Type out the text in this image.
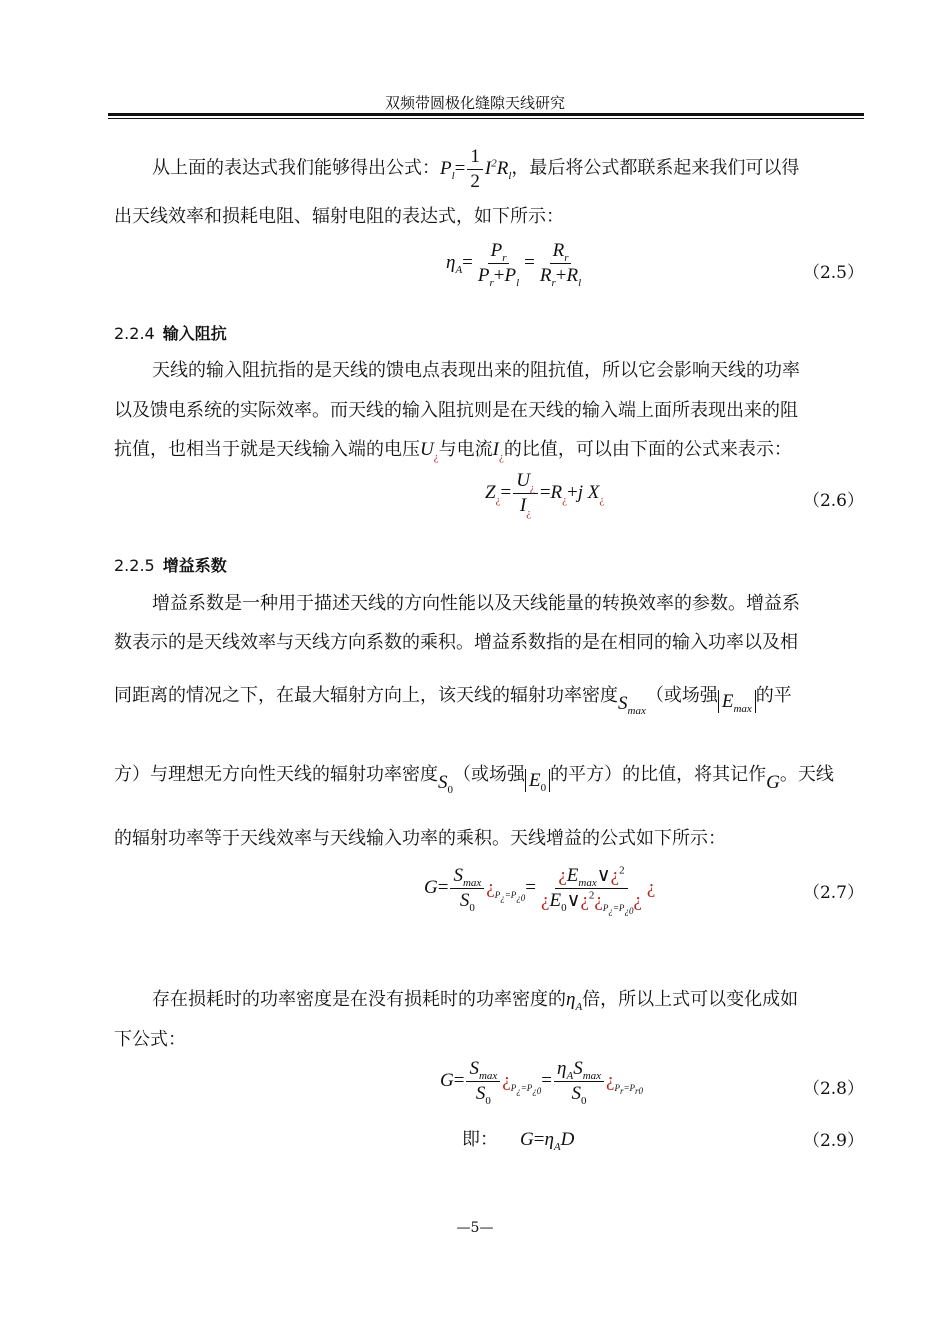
双频带圆极化缝隙天线研究
从上面的表达式我们能够得出公式：$P_l= \frac{1}{2} I^2R_l$，最后将公式都联系起来我们可以得
出天线效率和损耗电阻、辐射电阻的表达式，如下所示：
$\eta_A= \frac{P_r}{P_r+P_l} = \frac{R_r}{R_r+R_l}$	（2.5）
2.2.4 输入阻抗
天线的输入阻抗指的是天线的馈电点表现出来的阻抗值，所以它会影响天线的功率
以及馈电系统的实际效率。而天线的输入阻抗则是在天线的输入端上面所表现出来的阻
抗值，也相当于就是天线输入端的电压$U_¿$与电流$I_¿$的比值，可以由下面的公式来表示：
$Z_¿= \frac{U_¿}{I_¿} =R_¿+j$ $X_¿$	（2.6）
2.2.5 增益系数
增益系数是一种用于描述天线的方向性能以及天线能量的转换效率的参数。增益系
数表示的是天线效率与天线方向系数的乘积。增益系数指的是在相同的输入功率以及相
同距离的情况之下，在最大辐射方向上，该天线的辐射功率密度$S_{max}$（或场强 $E_{max}$的平
方）与理想无方向性天线的辐射功率密度$S_0$（或场强 $E_0$的平方）的比值，将其记作G。天线
的辐射功率等于天线效率与天线输入功率的乘积。天线增益的公式如下所示：
$G= \frac{S_{max}}{S_0}$ ¿$_{P_¿=P_{¿0}}= \frac{¿E_{max}\vee¿^2}{¿E_0\vee¿^2¿_{P_¿=P_{¿0}}¿}$ ¿	（2.7）
存在损耗时的功率密度是在没有损耗时的功率密度的$\eta_A$倍，所以上式可以变化成如
下公式：
$G= \frac{S_{max}}{S_0}$ ¿$_{P_¿=P_{¿0}}= \frac{\eta_AS_{max}}{S_0}$ ¿$_{P_r=P_{r0}}$	（2.8）
即： $G=\eta_AD$	（2.9）
—5—
